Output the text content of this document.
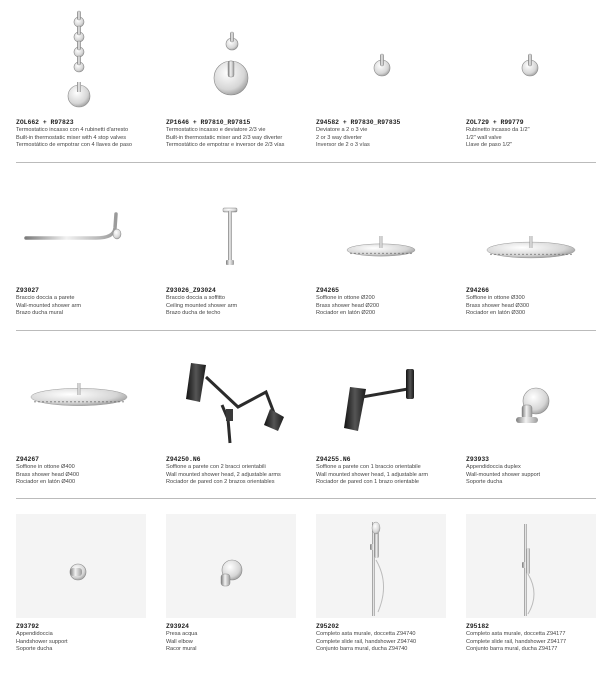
ZOL662 + R97823
Termostatico incasso con 4 rubinetti d'arresto
Built-in thermostatic mixer with 4 stop valves
Termostático de empotrar con 4 llaves de paso
ZP1646 + R97810_R97815
Termostatico incasso e deviatore 2/3 vie
Built-in thermostatic mixer and 2/3 way diverter
Termostático de empotrar e inversor de 2/3 vías
Z94582 + R97830_R97835
Deviatore a 2 o 3 vie
2 or 3 way diverter
Inversor de 2 o 3 vías
ZOL729 + R99779
Rubinetto incasso da 1/2"
1/2" wall valve
Llave de paso 1/2"
Z93027
Braccio doccia a parete
Wall-mounted shower arm
Brazo ducha mural
Z93026_Z93024
Braccio doccia a soffitto
Ceiling mounted shower arm
Brazo ducha de techo
Z94265
Soffione in ottone Ø200
Brass shower head Ø200
Rociador en latón Ø200
Z94266
Soffione in ottone Ø300
Brass shower head Ø300
Rociador en latón Ø300
Z94267
Soffione in ottone Ø400
Brass shower head Ø400
Rociador en latón Ø400
Z94250.N6
Soffione a parete con 2 bracci orientabili
Wall mounted shower head, 2 adjustable arms
Rociador de pared con 2 brazos orientables
Z94255.N6
Soffione a parete con 1 braccio orientabile
Wall mounted shower head, 1 adjustable arm
Rociador de pared con 1 brazo orientable
Z93933
Appendidoccia duplex
Wall-mounted shower support
Soporte ducha
Z93792
Appendidoccia
Handshower support
Soporte ducha
Z93924
Presa acqua
Wall elbow
Racor mural
Z95202
Completo asta murale, doccetta Z94740
Complete slide rail, handshower Z94740
Conjunto barra mural, ducha Z94740
Z95182
Completo asta murale, doccetta Z94177
Complete slide rail, handshower Z94177
Conjunto barra mural, ducha Z94177
